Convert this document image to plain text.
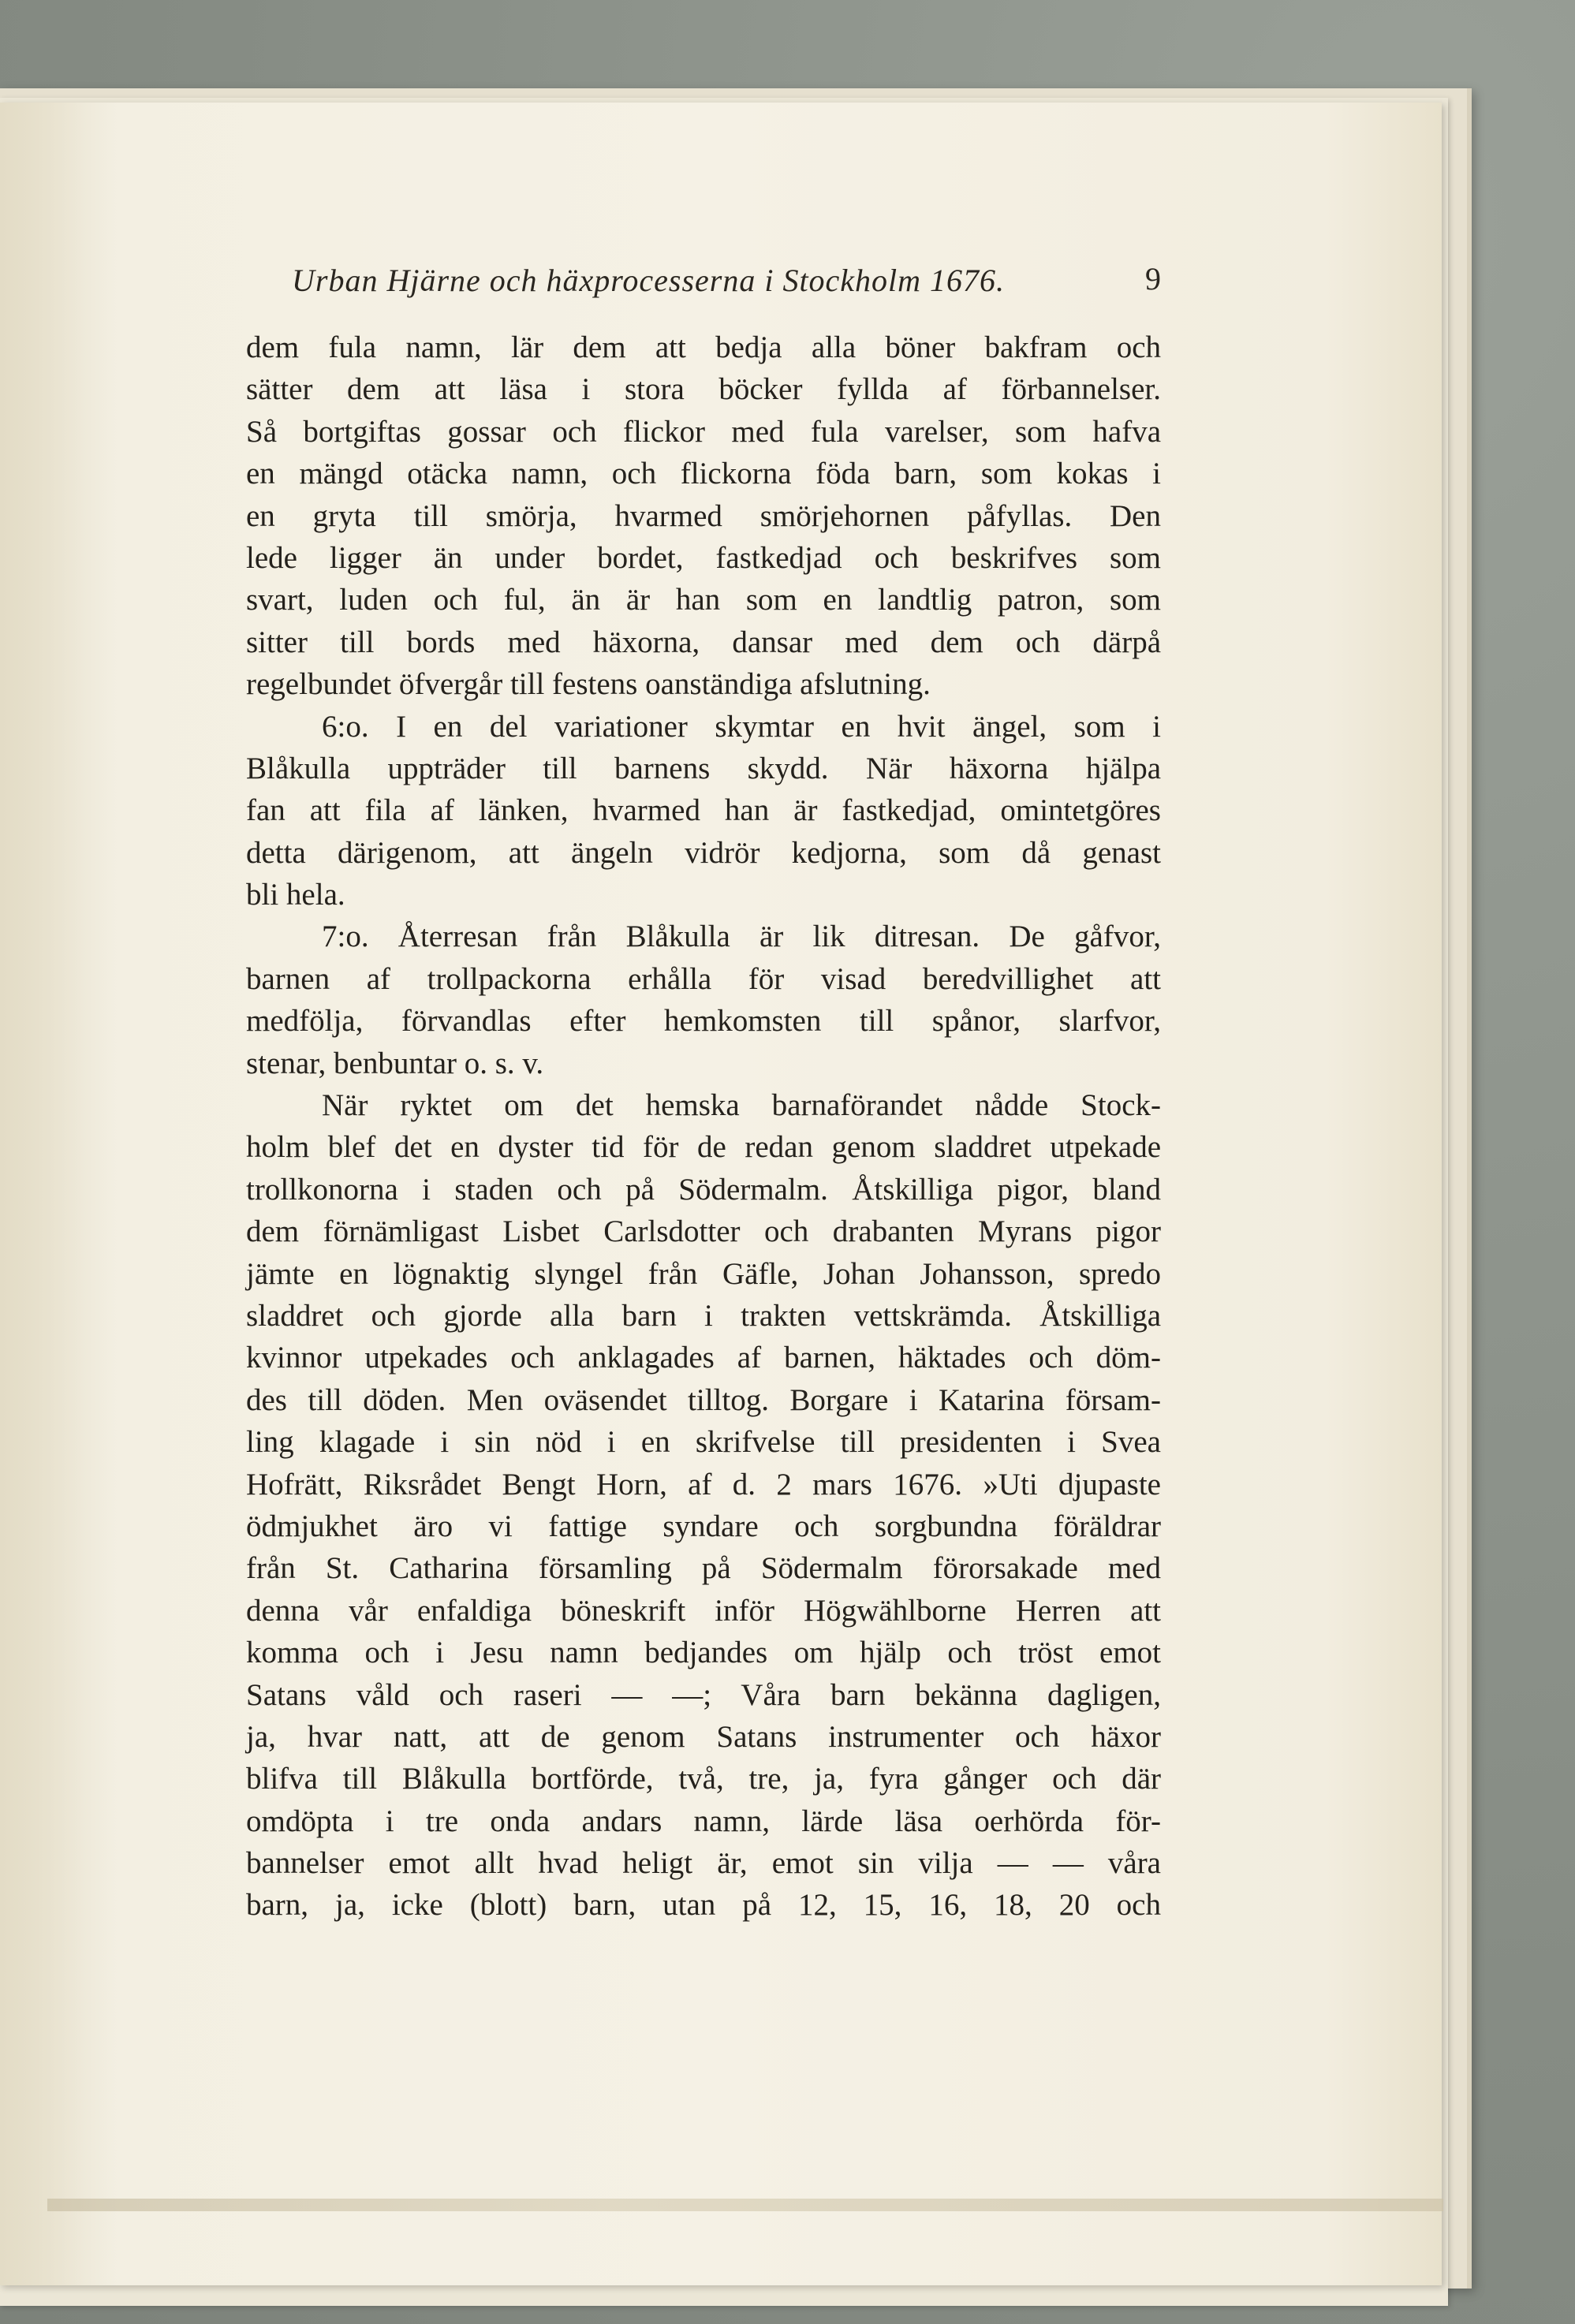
Urban Hjärne och häxprocesserna i Stockholm 1676.	9
dem fula namn, lär dem att bedja alla böner bakfram och
sätter dem att läsa i stora böcker fyllda af förbannelser.
Så bortgiftas gossar och flickor med fula varelser, som hafva
en mängd otäcka namn, och flickorna föda barn, som kokas i
en gryta till smörja, hvarmed smörjehornen påfyllas. Den
lede ligger än under bordet, fastkedjad och beskrifves som
svart, luden och ful, än är han som en landtlig patron, som
sitter till bords med häxorna, dansar med dem och därpå
regelbundet öfvergår till festens oanständiga afslutning.
6:o. I en del variationer skymtar en hvit ängel, som i
Blåkulla uppträder till barnens skydd. När häxorna hjälpa
fan att fila af länken, hvarmed han är fastkedjad, omintetgöres
detta därigenom, att ängeln vidrör kedjorna, som då genast
bli hela.
7:o. Återresan från Blåkulla är lik ditresan. De gåfvor,
barnen af trollpackorna erhålla för visad beredvillighet att
medfölja, förvandlas efter hemkomsten till spånor, slarfvor,
stenar, benbuntar o. s. v.
När ryktet om det hemska barnaförandet nådde Stock-
holm blef det en dyster tid för de redan genom sladdret utpekade
trollkonorna i staden och på Södermalm. Åtskilliga pigor, bland
dem förnämligast Lisbet Carlsdotter och drabanten Myrans pigor
jämte en lögnaktig slyngel från Gäfle, Johan Johansson, spredo
sladdret och gjorde alla barn i trakten vettskrämda. Åtskilliga
kvinnor utpekades och anklagades af barnen, häktades och döm-
des till döden. Men oväsendet tilltog. Borgare i Katarina försam-
ling klagade i sin nöd i en skrifvelse till presidenten i Svea
Hofrätt, Riksrådet Bengt Horn, af d. 2 mars 1676. »Uti djupaste
ödmjukhet äro vi fattige syndare och sorgbundna föräldrar
från St. Catharina församling på Södermalm förorsakade med
denna vår enfaldiga böneskrift inför Högwählborne Herren att
komma och i Jesu namn bedjandes om hjälp och tröst emot
Satans våld och raseri — —; Våra barn bekänna dagligen,
ja, hvar natt, att de genom Satans instrumenter och häxor
blifva till Blåkulla bortförde, två, tre, ja, fyra gånger och där
omdöpta i tre onda andars namn, lärde läsa oerhörda för-
bannelser emot allt hvad heligt är, emot sin vilja — — våra
barn, ja, icke (blott) barn, utan på 12, 15, 16, 18, 20 och
